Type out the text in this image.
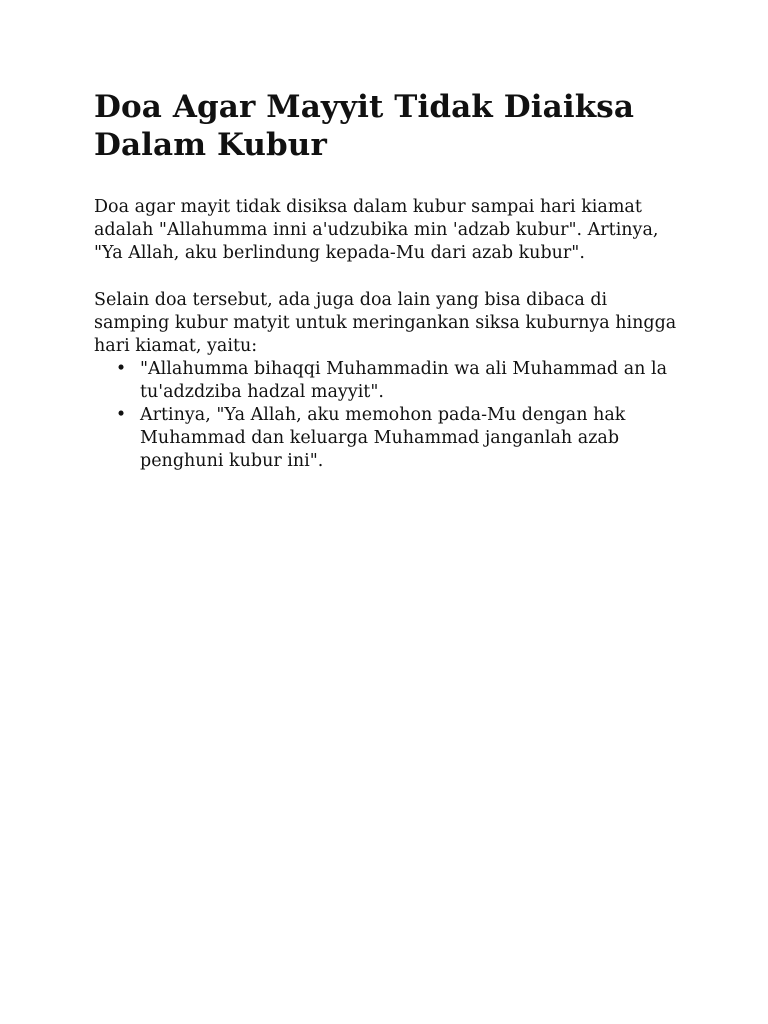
Doa Agar Mayyit Tidak Diaiksa Dalam Kubur

Doa agar mayit tidak disiksa dalam kubur sampai hari kiamat adalah "Allahumma inni a'udzubika min 'adzab kubur". Artinya, "Ya Allah, aku berlindung kepada-Mu dari azab kubur".

Selain doa tersebut, ada juga doa lain yang bisa dibaca di samping kubur matyit untuk meringankan siksa kuburnya hingga hari kiamat, yaitu:

• "Allahumma bihaqqi Muhammadin wa ali Muhammad an la tu'adzdziba hadzal mayyit".
• Artinya, "Ya Allah, aku memohon pada-Mu dengan hak Muhammad dan keluarga Muhammad janganlah azab penghuni kubur ini".
